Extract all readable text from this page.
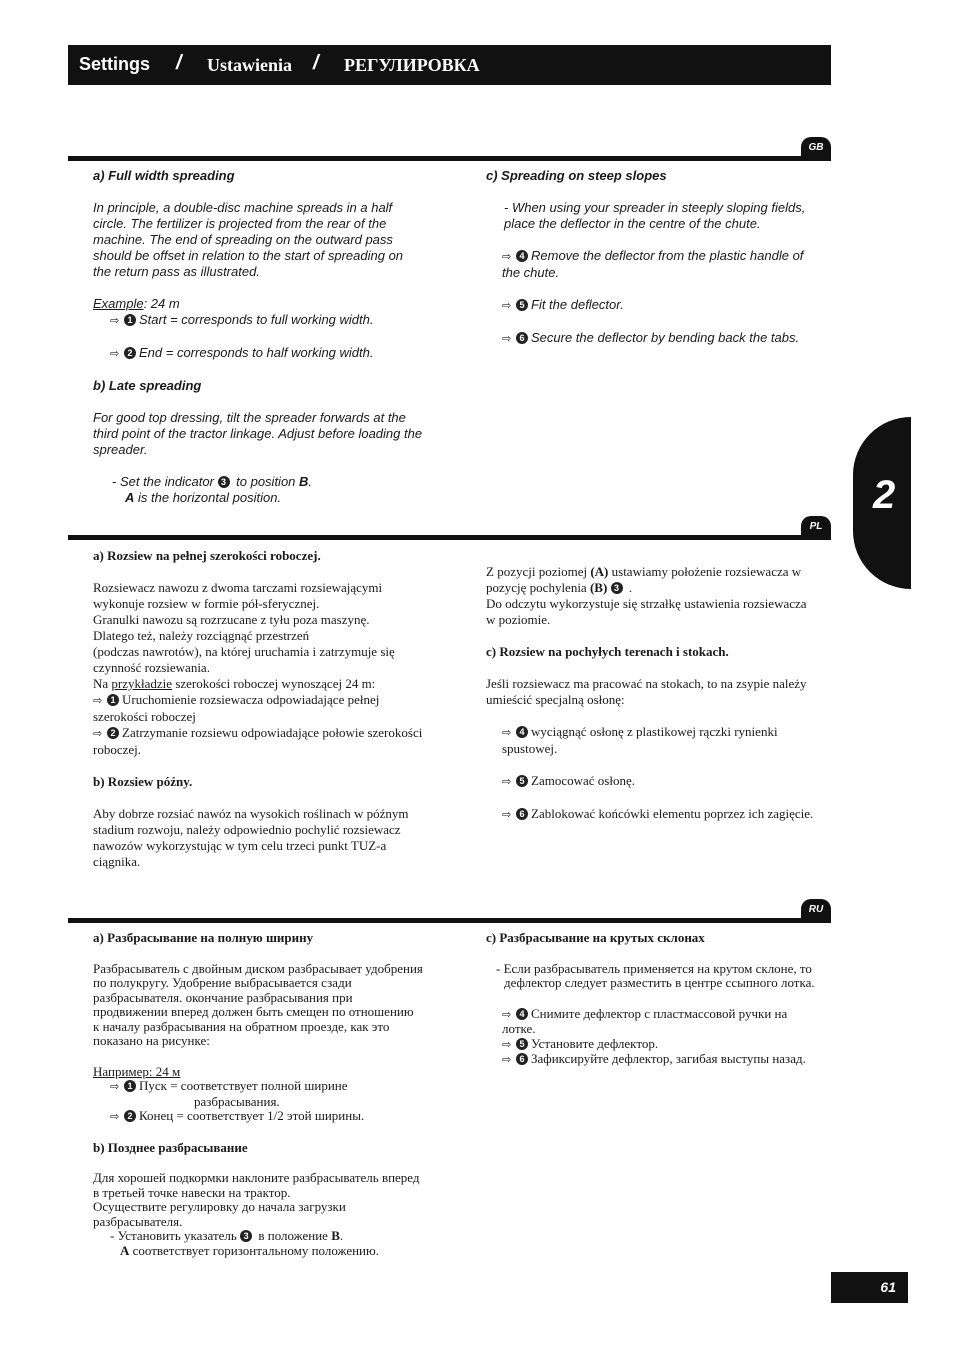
Settings / Ustawienia / РЕГУЛИРОВКА
2
GB

a) Full width spreading

In principle, a double-disc machine spreads in a half circle. The fertilizer is projected from the rear of the machine. The end of spreading on the outward pass should be offset in relation to the start of spreading on the return pass as illustrated.

Example: 24 m

⇨ 1 Start = corresponds to full working width.

⇨ 2 End = corresponds to half working width.

b) Late spreading

For good top dressing, tilt the spreader forwards at the third point of the tractor linkage. Adjust before loading the spreader.

- Set the indicator 3 to position B.

A is the horizontal position.

c) Spreading on steep slopes

- When using your spreader in steeply sloping fields, place the deflector in the centre of the chute.

⇨ 4 Remove the deflector from the plastic handle of the chute.

⇨ 5 Fit the deflector.

⇨ 6 Secure the deflector by bending back the tabs.

PL

a) Rozsiew na pełnej szerokości roboczej.

Rozsiewacz nawozu z dwoma tarczami rozsiewającymi wykonuje rozsiew w formie pół-sferycznej.
Granulki nawozu są rozrzucane z tyłu poza maszynę.
Dlatego też, należy rozciągnąć przestrzeń
(podczas nawrotów), na której uruchamia i zatrzymuje się czynność rozsiewania.

Na przykładzie szerokości roboczej wynoszącej 24 m:

⇨ 1 Uruchomienie rozsiewacza odpowiadające pełnej szerokości roboczej

⇨ 2 Zatrzymanie rozsiewu odpowiadające połowie szerokości roboczej.

b) Rozsiew późny.

Aby dobrze rozsiać nawóz na wysokich roślinach w późnym stadium rozwoju, należy odpowiednio pochylić rozsiewacz nawozów wykorzystując w tym celu trzeci punkt TUZ-a ciągnika.

Z pozycji poziomej (A) ustawiamy położenie rozsiewacza w pozycję pochylenia (B) 3 .

Do odczytu wykorzystuje się strzałkę ustawienia rozsiewacza w poziomie.

c) Rozsiew na pochyłych terenach i stokach.

Jeśli rozsiewacz ma pracować na stokach, to na zsypie należy umieścić specjalną osłonę:

⇨ 4 wyciągnąć osłonę z plastikowej rączki rynienki spustowej.

⇨ 5 Zamocować osłonę.

⇨ 6 Zablokować końcówki elementu poprzez ich zagięcie.

RU

а) Разбрасывание на полную ширину

Разбрасыватель с двойным диском разбрасывает удобрения по полукругу. Удобрение выбрасывается сзади разбрасывателя. окончание разбрасывания при продвижении вперед должен быть смещен по отношению к началу разбрасывания на обратном проезде, как это показано на рисунке:

Например: 24 м

⇨ 1 Пуск = соответствует полной ширине

разбрасывания.

⇨ 2 Конец = соответствует 1/2 этой ширины.

b) Позднее разбрасывание

Для хорошей подкормки наклоните разбрасыватель вперед в третьей точке навески на трактор.
Осуществите регулировку до начала загрузки разбрасывателя.

- Установить указатель 3 в положение B.

A соответствует горизонтальному положению.

c) Разбрасывание на крутых склонах

- Если разбрасыватель применяется на крутом склоне, то дефлектор следует разместить в центре ссыпного лотка.

⇨ 4 Снимите дефлектор с пластмассовой ручки на лотке.

⇨ 5 Установите дефлектор.

⇨ 6 Зафиксируйте дефлектор, загибая выступы назад.

61
